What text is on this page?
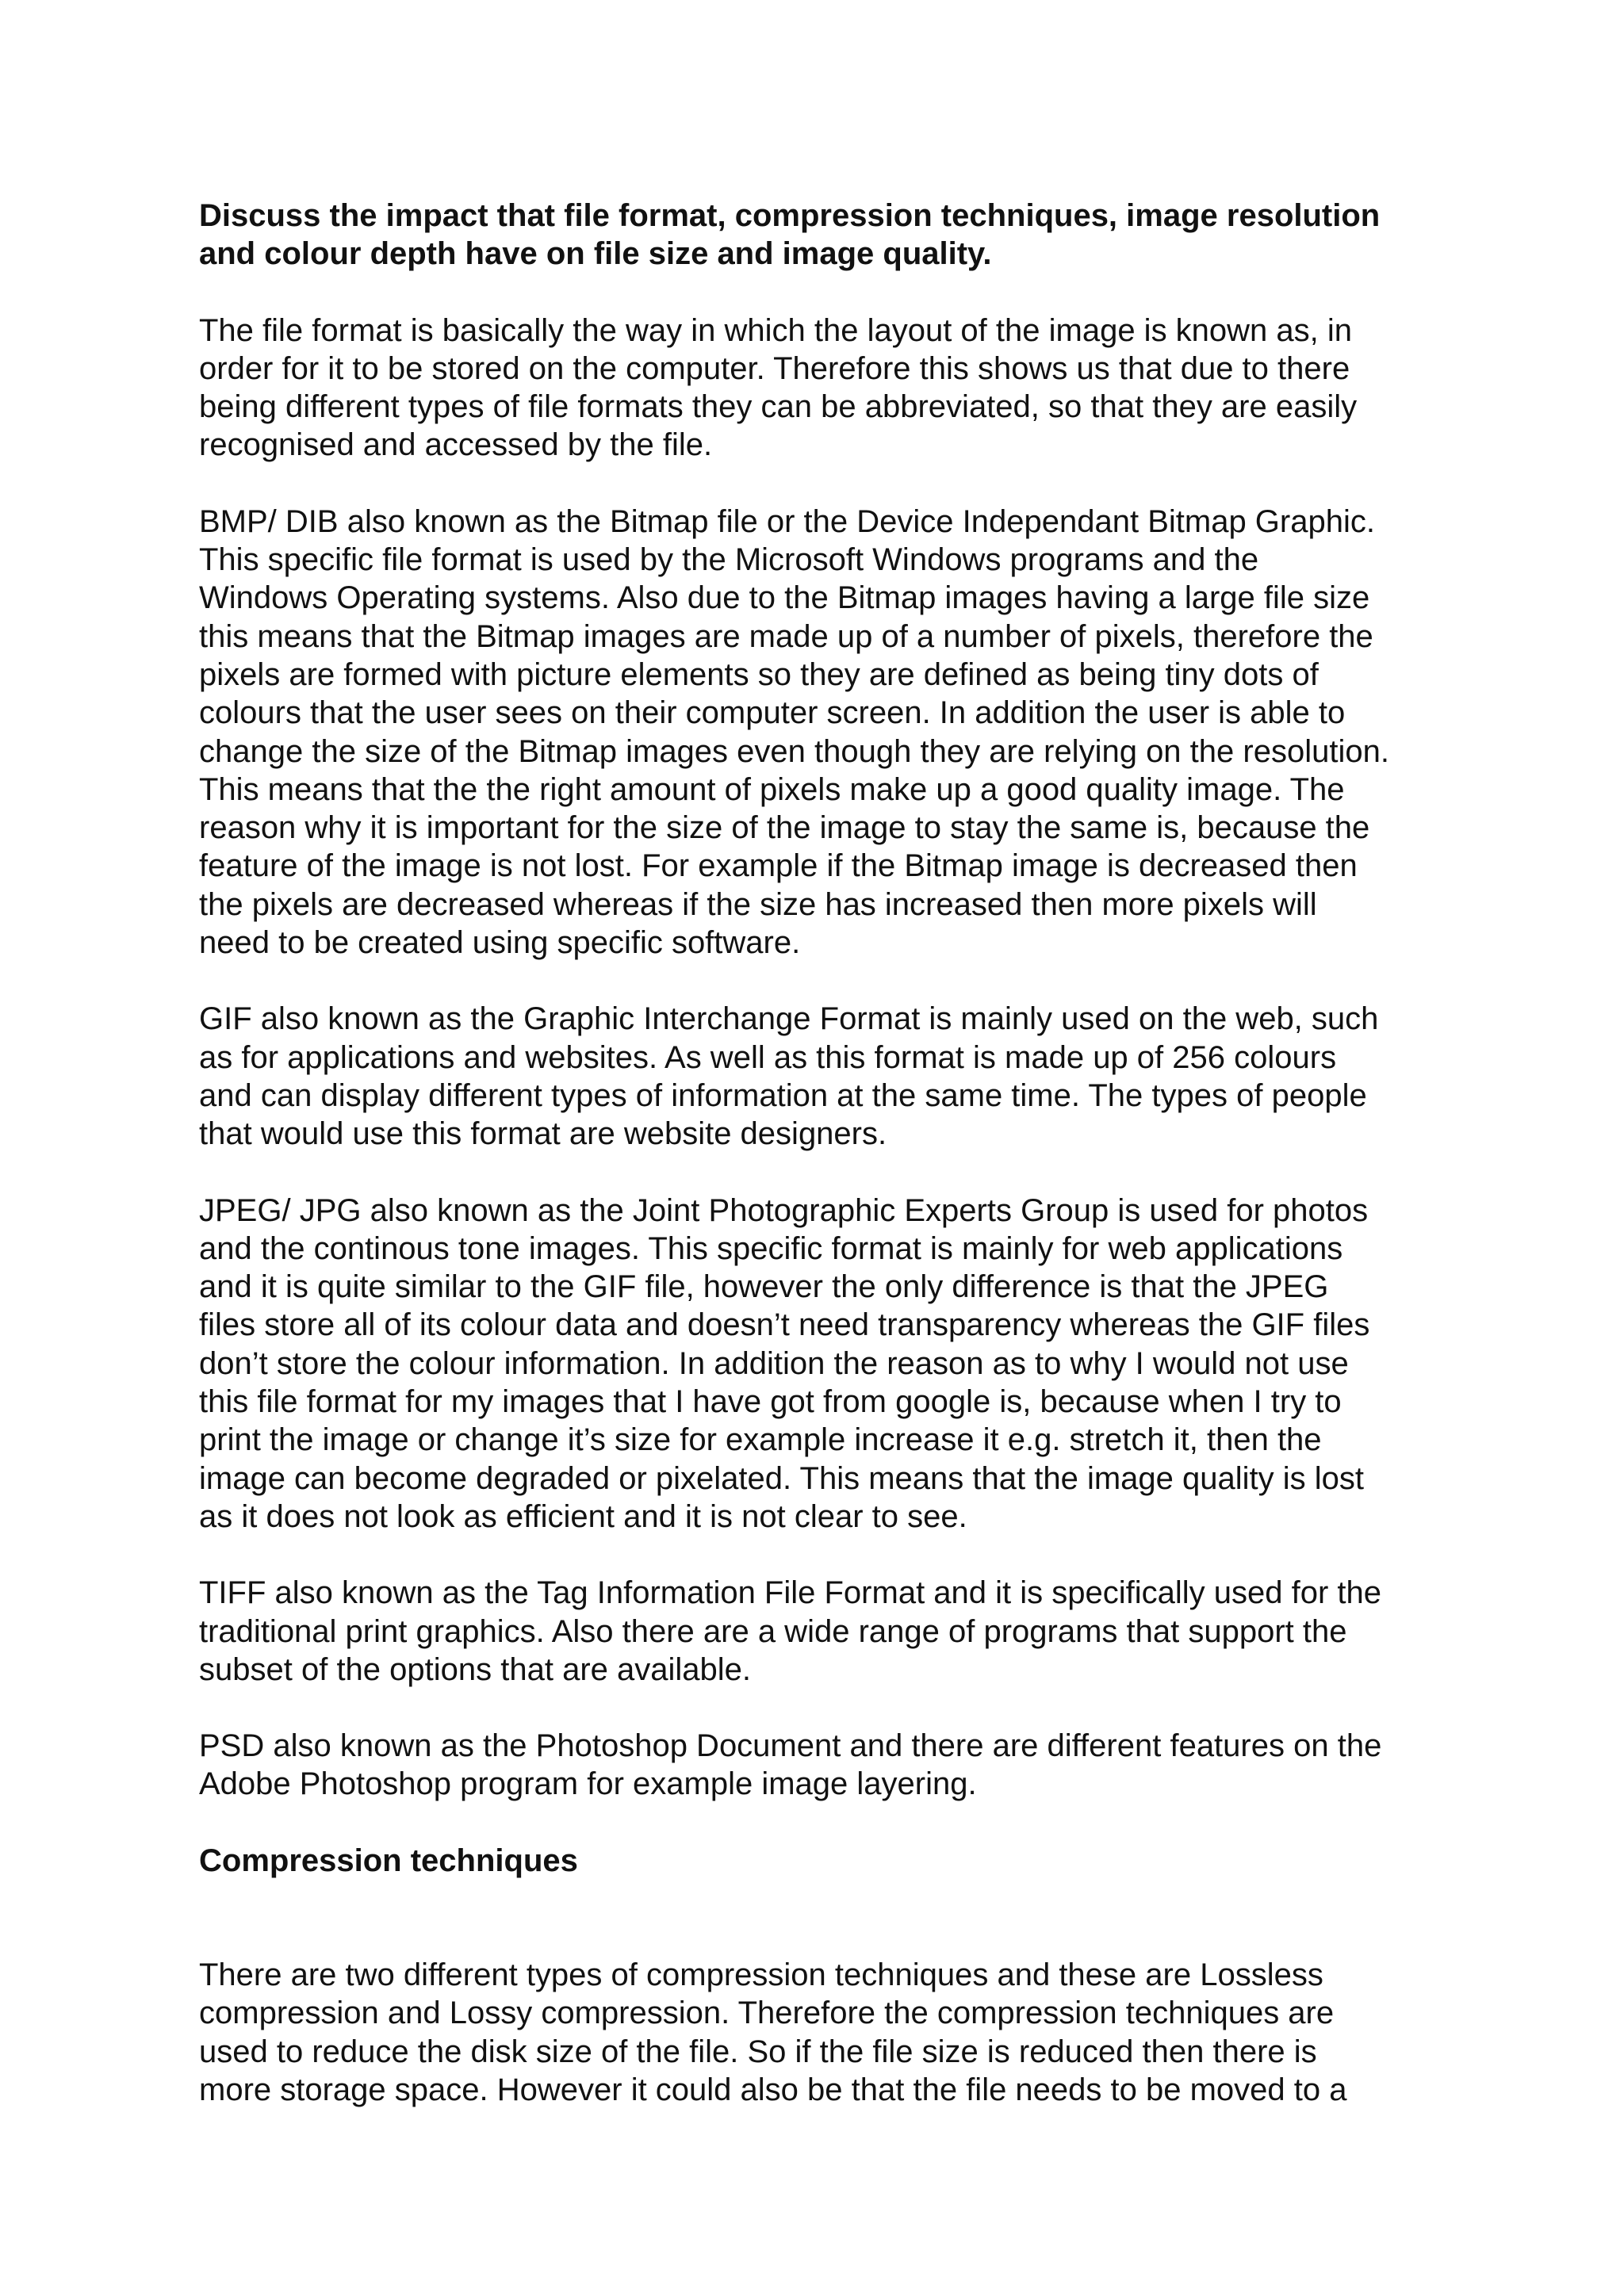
Discuss the impact that file format, compression techniques, image resolution
and colour depth have on file size and image quality.
The file format is basically the way in which the layout of the image is known as, in
order for it to be stored on the computer. Therefore this shows us that due to there
being different types of file formats they can be abbreviated, so that they are easily
recognised and accessed by the file.
BMP/ DIB also known as the Bitmap file or the Device Independant Bitmap Graphic.
This specific file format is used by the Microsoft Windows programs and the
Windows Operating systems. Also due to the Bitmap images having a large file size
this means that the Bitmap images are made up of a number of pixels, therefore the
pixels are formed with picture elements so they are defined as being tiny dots of
colours that the user sees on their computer screen. In addition the user is able to
change the size of the Bitmap images even though they are relying on the resolution.
This means that the the right amount of pixels make up a good quality image. The
reason why it is important for the size of the image to stay the same is, because the
feature of the image is not lost. For example if the Bitmap image is decreased then
the pixels are decreased whereas if the size has increased then more pixels will
need to be created using specific software.
GIF also known as the Graphic Interchange Format is mainly used on the web, such
as for applications and websites. As well as this format is made up of 256 colours
and can display different types of information at the same time. The types of people
that would use this format are website designers.
JPEG/ JPG also known as the Joint Photographic Experts Group is used for photos
and the continous tone images. This specific format is mainly for web applications
and it is quite similar to the GIF file, however the only difference is that the JPEG
files store all of its colour data and doesn’t need transparency whereas the GIF files
don’t store the colour information. In addition the reason as to why I would not use
this file format for my images that I have got from google is, because when I try to
print the image or change it’s size for example increase it e.g. stretch it, then the
image can become degraded or pixelated. This means that the image quality is lost
as it does not look as efficient and it is not clear to see.
TIFF also known as the Tag Information File Format and it is specifically used for the
traditional print graphics. Also there are a wide range of programs that support the
subset of the options that are available.
PSD also known as the Photoshop Document and there are different features on the
Adobe Photoshop program for example image layering.
Compression techniques
There are two different types of compression techniques and these are Lossless
compression and Lossy compression. Therefore the compression techniques are
used to reduce the disk size of the file. So if the file size is reduced then there is
more storage space. However it could also be that the file needs to be moved to a
